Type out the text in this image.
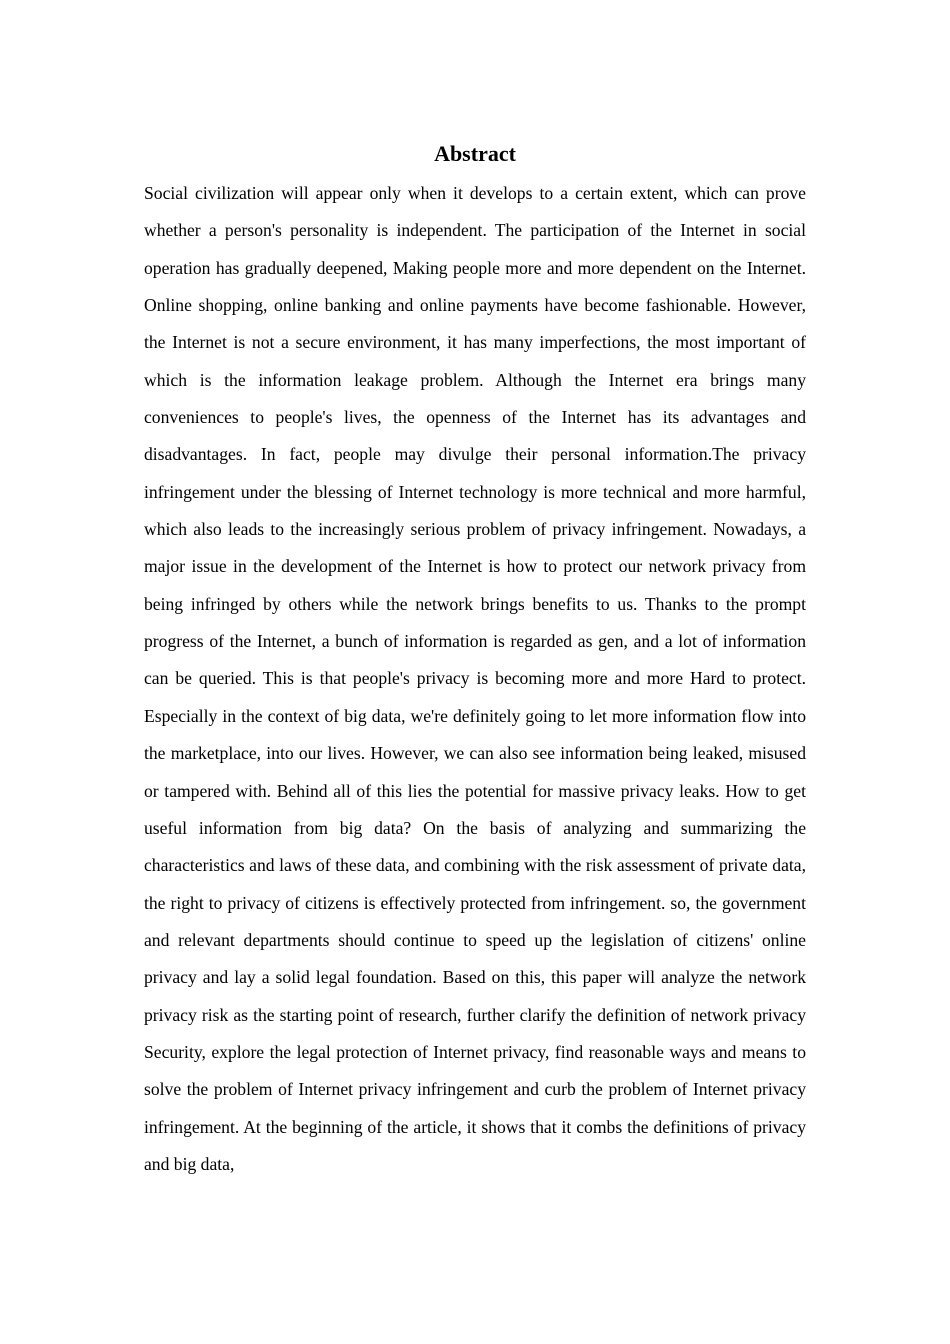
Abstract

Social civilization will appear only when it develops to a certain extent, which can prove whether a person's personality is independent. The participation of the Internet in social operation has gradually deepened, Making people more and more dependent on the Internet. Online shopping, online banking and online payments have become fashionable. However, the Internet is not a secure environment, it has many imperfections, the most important of which is the information leakage problem. Although the Internet era brings many conveniences to people's lives, the openness of the Internet has its advantages and disadvantages. In fact, people may divulge their personal information.The privacy infringement under the blessing of Internet technology is more technical and more harmful, which also leads to the increasingly serious problem of privacy infringement. Nowadays, a major issue in the development of the Internet is how to protect our network privacy from being infringed by others while the network brings benefits to us. Thanks to the prompt progress of the Internet, a bunch of information is regarded as gen, and a lot of information can be queried. This is that people's privacy is becoming more and more Hard to protect. Especially in the context of big data, we're definitely going to let more information flow into the marketplace, into our lives. However, we can also see information being leaked, misused or tampered with. Behind all of this lies the potential for massive privacy leaks. How to get useful information from big data? On the basis of analyzing and summarizing the characteristics and laws of these data, and combining with the risk assessment of private data, the right to privacy of citizens is effectively protected from infringement. so, the government and relevant departments should continue to speed up the legislation of citizens' online privacy and lay a solid legal foundation. Based on this, this paper will analyze the network privacy risk as the starting point of research, further clarify the definition of network privacy Security, explore the legal protection of Internet privacy, find reasonable ways and means to solve the problem of Internet privacy infringement and curb the problem of Internet privacy infringement. At the beginning of the article, it shows that it combs the definitions of privacy and big data,
